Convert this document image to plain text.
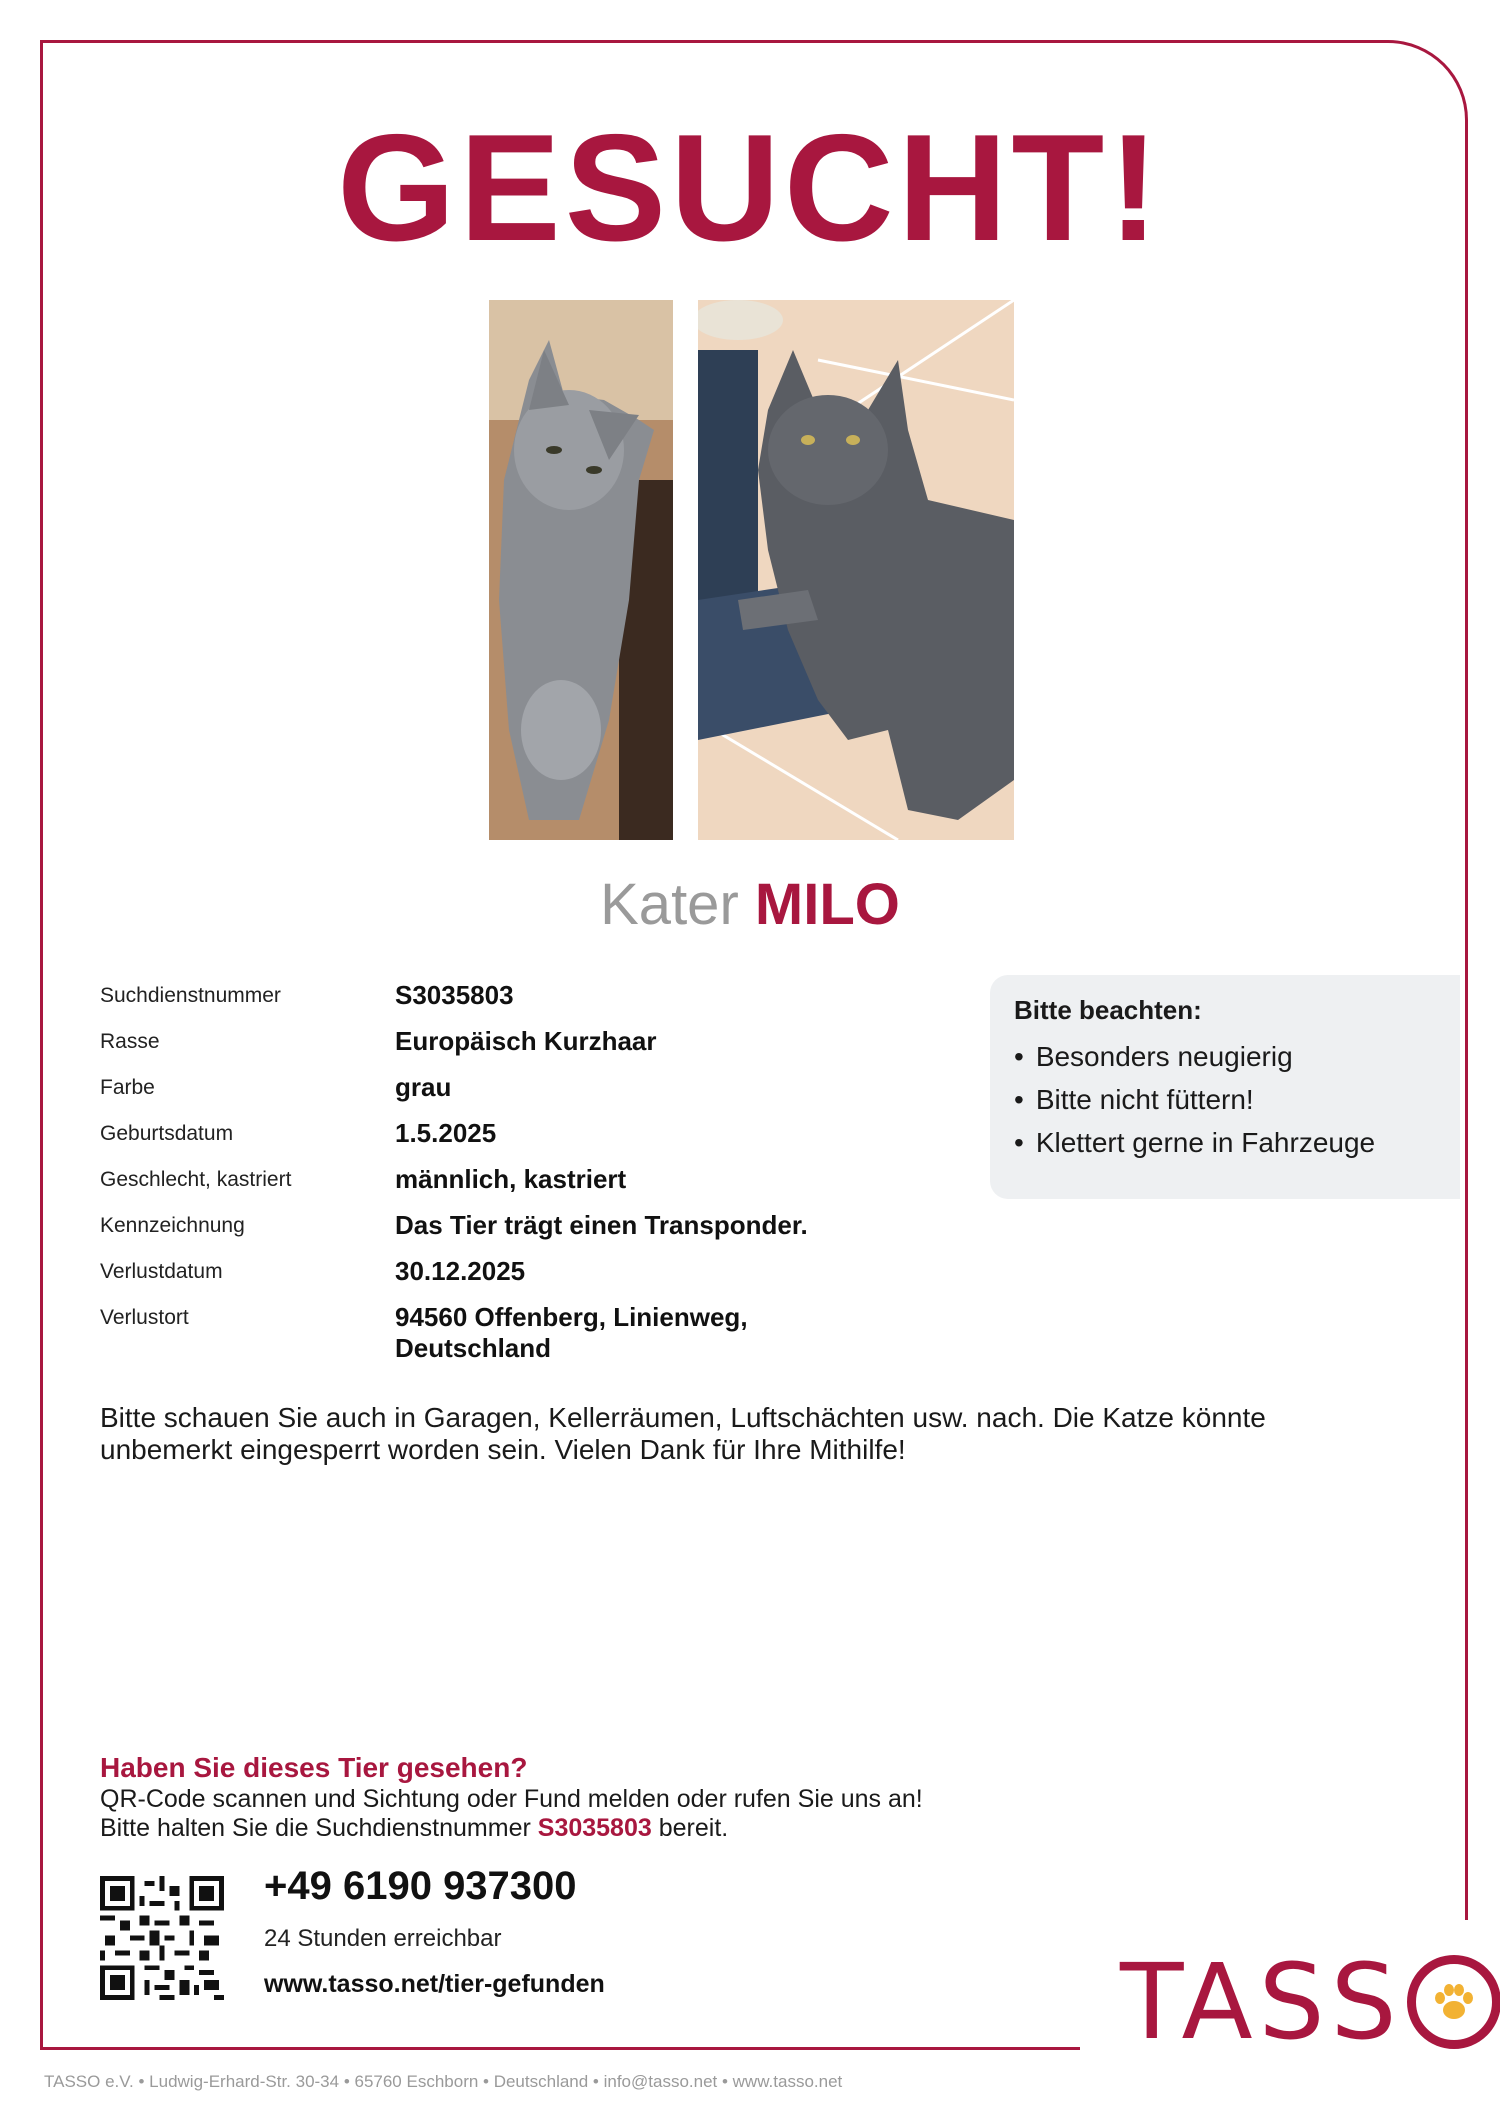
GESUCHT!
Kater MILO
Suchdienstnummer	S3035803
Rasse	Europäisch Kurzhaar
Farbe	grau
Geburtsdatum	1.5.2025
Geschlecht, kastriert	männlich, kastriert
Kennzeichnung	Das Tier trägt einen Transponder.
Verlustdatum	30.12.2025
Verlustort	94560 Offenberg, Linienweg, Deutschland
Bitte beachten:
• Besonders neugierig
• Bitte nicht füttern!
• Klettert gerne in Fahrzeuge
Bitte schauen Sie auch in Garagen, Kellerräumen, Luftschächten usw. nach. Die Katze könnte unbemerkt eingesperrt worden sein. Vielen Dank für Ihre Mithilfe!
Haben Sie dieses Tier gesehen?
QR-Code scannen und Sichtung oder Fund melden oder rufen Sie uns an!
Bitte halten Sie die Suchdienstnummer S3035803 bereit.
+49 6190 937300
24 Stunden erreichbar
www.tasso.net/tier-gefunden	TASS
TASSO e.V. • Ludwig-Erhard-Str. 30-34 • 65760 Eschborn • Deutschland • info@tasso.net • www.tasso.net
